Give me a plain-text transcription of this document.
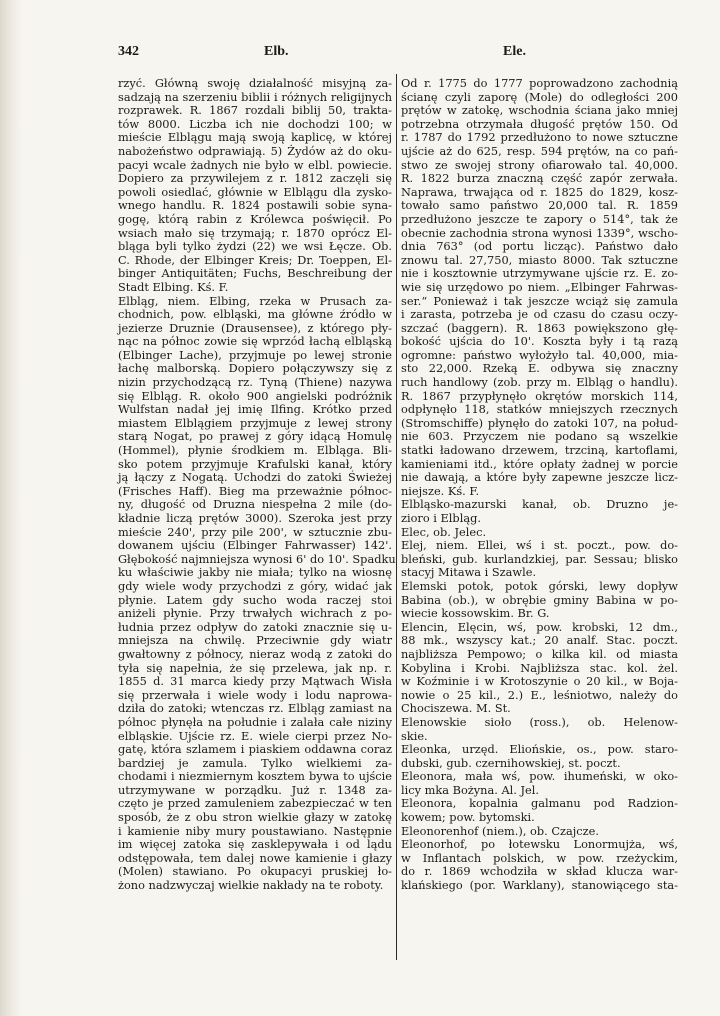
342	Elb.	Ele.
rzyć. Główną swoję działalność misyjną za-
sadzają na szerzeniu biblii i różnych religijnych
rozprawek. R. 1867 rozdali biblij 50, trakta-
tów 8000. Liczba ich nie dochodzi 100; w
mieście Elblągu mają swoją kaplicę, w której
nabożeństwo odprawiają. 5) Żydów aż do oku-
pacyi wcale żadnych nie było w elbl. powiecie.
Dopiero za przywilejem z r. 1812 zaczęli się
powoli osiedlać, głównie w Elblągu dla zysko-
wnego handlu. R. 1824 postawili sobie syna-
gogę, którą rabin z Królewca poświęcił. Po
wsiach mało się trzymają; r. 1870 oprócz El-
bląga byli tylko żydzi (22) we wsi Łęcze. Ob.
C. Rhode, der Elbinger Kreis; Dr. Toeppen, El-
binger Antiquitäten; Fuchs, Beschreibung der
Stadt Elbing. Kś. F.
Elbląg, niem. Elbing, rzeka w Prusach za-
chodnich, pow. elbląski, ma główne źródło w
jezierze Druznie (Drausensee), z którego pły-
nąc na północ zowie się wprzód łachą elbląską
(Elbinger Lache), przyjmuje po lewej stronie
łachę malborską. Dopiero połączywszy się z
nizin przychodzącą rz. Tyną (Thiene) nazywa
się Elbląg. R. około 900 angielski podróżnik
Wulfstan nadał jej imię Ilfing. Krótko przed
miastem Elblągiem przyjmuje z lewej strony
starą Nogat, po prawej z góry idącą Homulę
(Hommel), płynie środkiem m. Elbląga. Bli-
sko potem przyjmuje Krafulski kanał, który
ją łączy z Nogatą. Uchodzi do zatoki Świeżej
(Frisches Haff). Bieg ma przeważnie północ-
ny, długość od Druzna niespełna 2 mile (do-
kładnie liczą prętów 3000). Szeroka jest przy
mieście 240', przy pile 200', w sztucznie zbu-
dowanem ujściu (Elbinger Fahrwasser) 142'.
Głębokość najmniejsza wynosi 6' do 10'. Spadku
ku właściwie jakby nie miała; tylko na wiosnę
gdy wiele wody przychodzi z góry, widać jak
płynie. Latem gdy sucho woda raczej stoi
aniżeli płynie. Przy trwałych wichrach z po-
łudnia przez odpływ do zatoki znacznie się u-
mniejsza na chwilę. Przeciwnie gdy wiatr
gwałtowny z północy, nieraz wodą z zatoki do
tyła się napełnia, że się przelewa, jak np. r.
1855 d. 31 marca kiedy przy Mątwach Wisła
się przerwała i wiele wody i lodu naprowa-
dziła do zatoki; wtenczas rz. Elbląg zamiast na
północ płynęła na południe i zalała całe niziny
elbląskie. Ujście rz. E. wiele cierpi przez No-
gatę, która szlamem i piaskiem oddawna coraz
bardziej je zamula. Tylko wielkiemi za-
chodami i niezmiernym kosztem bywa to ujście
utrzymywane w porządku. Już r. 1348 za-
częto je przed zamuleniem zabezpieczać w ten
sposób, że z obu stron wielkie głazy w zatokę
i kamienie niby mury poustawiano. Następnie
im więcej zatoka się zasklepywała i od lądu
odstępowała, tem dalej nowe kamienie i głazy
(Molen) stawiano. Po okupacyi pruskiej ło-
żono nadzwyczaj wielkie nakłady na te roboty.
Od r. 1775 do 1777 poprowadzono zachodnią
ścianę czyli zaporę (Mole) do odległości 200
prętów w zatokę, wschodnia ściana jako mniej
potrzebna otrzymała długość prętów 150. Od
r. 1787 do 1792 przedłużono to nowe sztuczne
ujście aż do 625, resp. 594 prętów, na co pań-
stwo ze swojej strony ofiarowało tal. 40,000.
R. 1822 burza znaczną część zapór zerwała.
Naprawa, trwająca od r. 1825 do 1829, kosz-
towało samo państwo 20,000 tal. R. 1859
przedłużono jeszcze te zapory o 514°, tak że
obecnie zachodnia strona wynosi 1339°, wscho-
dnia 763° (od portu licząc). Państwo dało
znowu tal. 27,750, miasto 8000. Tak sztuczne
nie i kosztownie utrzymywane ujście rz. E. zo-
wie się urzędowo po niem. „Elbinger Fahrwas-
ser.“ Ponieważ i tak jeszcze wciąż się zamula
i zarasta, potrzeba je od czasu do czasu oczy-
szczać (baggern). R. 1863 powiększono głę-
bokość ujścia do 10'. Koszta były i tą razą
ogromne: państwo wyłożyło tal. 40,000, mia-
sto 22,000. Rzeką E. odbywa się znaczny
ruch handlowy (zob. przy m. Elbląg o handlu).
R. 1867 przypłynęło okrętów morskich 114,
odpłynęło 118, statków mniejszych rzecznych
(Stromschiffe) płynęło do zatoki 107, na połud-
nie 603. Przyczem nie podano są wszelkie
statki ładowano drzewem, trzciną, kartoflami,
kamieniami itd., które opłaty żadnej w porcie
nie dawają, a które były zapewne jeszcze licz-
niejsze. Kś. F.
Elbląsko-mazurski kanał, ob. Druzno je-
zioro i Elbląg.
Elec, ob. Jelec.
Elej, niem. Ellei, wś i st. poczt., pow. do-
bleński, gub. kurlandzkiej, par. Sessau; blisko
stacyj Mitawa i Szawle.
Elemski potok, potok górski, lewy dopływ
Babina (ob.), w obrębie gminy Babina w po-
wiecie kossowskim. Br. G.
Elencin, Elęcin, wś, pow. krobski, 12 dm.,
88 mk., wszyscy kat.; 20 analf. Stac. poczt.
najbliższa Pempowo; o kilka kil. od miasta
Kobylina i Krobi. Najbliższa stac. kol. żel.
w Koźminie i w Krotoszynie o 20 kil., w Boja-
nowie o 25 kil., 2.) E., leśniotwo, należy do
Chociszewa. M. St.
Elenowskie sioło (ross.), ob. Helenow-
skie.
Eleonka, urzęd. Eliońskie, os., pow. staro-
dubski, gub. czernihowskiej, st. poczt.
Eleonora, mała wś, pow. ihumeński, w oko-
licy mka Bożyna. Al. Jel.
Eleonora, kopalnia galmanu pod Radzion-
kowem; pow. bytomski.
Eleonorenhof (niem.), ob. Czajcze.
Eleonorhof, po łotewsku Lonormujża, wś,
w Inflantach polskich, w pow. rzeżyckim,
do r. 1869 wchodziła w skład klucza war-
klańskiego (por. Warklany), stanowiącego sta-
